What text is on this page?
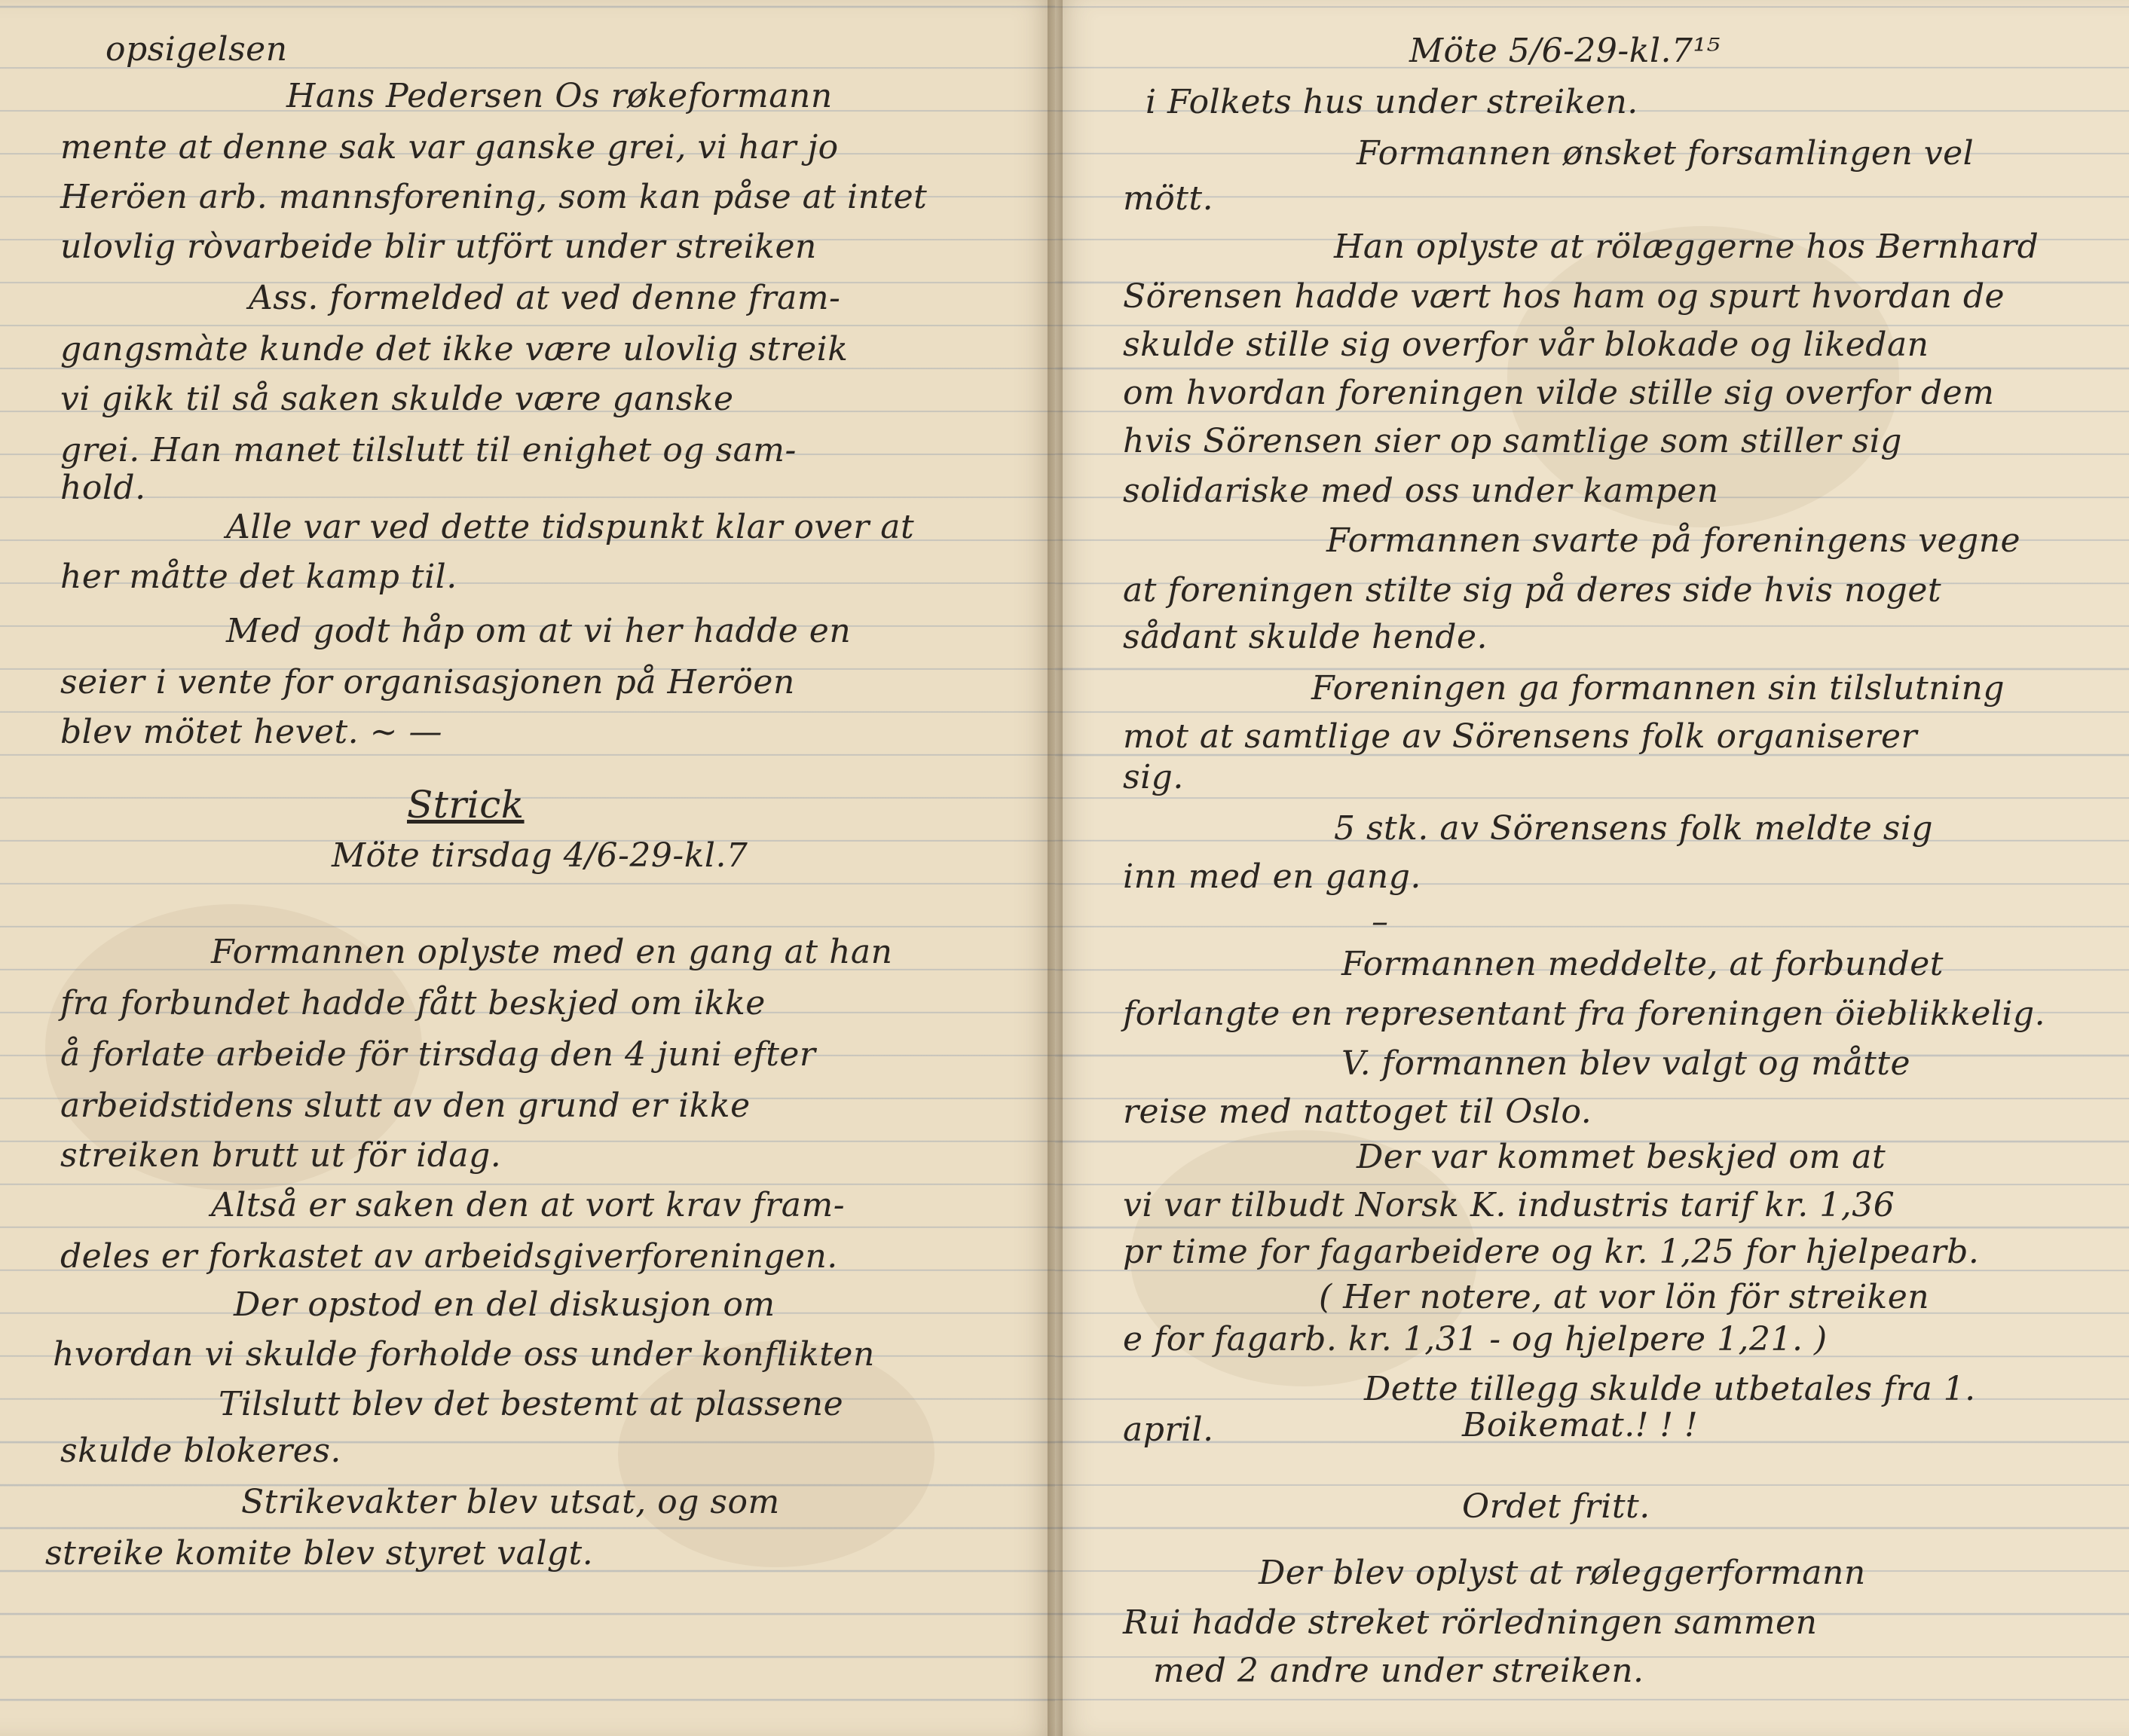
opsigelsen
Hans Pedersen Os røkeformann
mente at denne sak var ganske grei, vi har jo
Heröen arb. mannsforening, som kan påse at intet
ulovlig ròvarbeide blir utfört under streiken
Ass. formelded at ved denne fram-
gangsmàte kunde det ikke være ulovlig streik
vi gikk til så saken skulde være ganske
grei. Han manet tilslutt til enighet og sam-
hold.
Alle var ved dette tidspunkt klar over at
her måtte det kamp til.
Med godt håp om at vi her hadde en
seier i vente for organisasjonen på Heröen
blev mötet hevet. ~ —
Strick
Möte tirsdag 4/6-29-kl.7
Formannen oplyste med en gang at han
fra forbundet hadde fått beskjed om ikke
å forlate arbeide för tirsdag den 4 juni efter
arbeidstidens slutt av den grund er ikke
streiken brutt ut för idag.
Altså er saken den at vort krav fram-
deles er forkastet av arbeidsgiverforeningen.
Der opstod en del diskusjon om
hvordan vi skulde forholde oss under konflikten
Tilslutt blev det bestemt at plassene
skulde blokeres.
Strikevakter blev utsat, og som
streike komite blev styret valgt.
Möte 5/6-29-kl.7¹⁵
i Folkets hus under streiken.
Formannen ønsket forsamlingen vel
mött.
Han oplyste at rölæggerne hos Bernhard
Sörensen hadde vært hos ham og spurt hvordan de
skulde stille sig overfor vår blokade og likedan
om hvordan foreningen vilde stille sig overfor dem
hvis Sörensen sier op samtlige som stiller sig
solidariske med oss under kampen
Formannen svarte på foreningens vegne
at foreningen stilte sig på deres side hvis noget
sådant skulde hende.
Foreningen ga formannen sin tilslutning
mot at samtlige av Sörensens folk organiserer
sig.
5 stk. av Sörensens folk meldte sig
inn med en gang.
–
Formannen meddelte, at forbundet
forlangte en representant fra foreningen öieblikkelig.
V. formannen blev valgt og måtte
reise med nattoget til Oslo.
Der var kommet beskjed om at
vi var tilbudt Norsk K. industris tarif kr. 1,36
pr time for fagarbeidere og kr. 1,25 for hjelpearb.
( Her notere, at vor lön för streiken
e for fagarb. kr. 1,31 - og hjelpere 1,21. )
Dette tillegg skulde utbetales fra 1.
april.	Boikemat.! ! !
Ordet fritt.
Der blev oplyst at røleggerformann
Rui hadde streket rörledningen sammen
med 2 andre under streiken.
